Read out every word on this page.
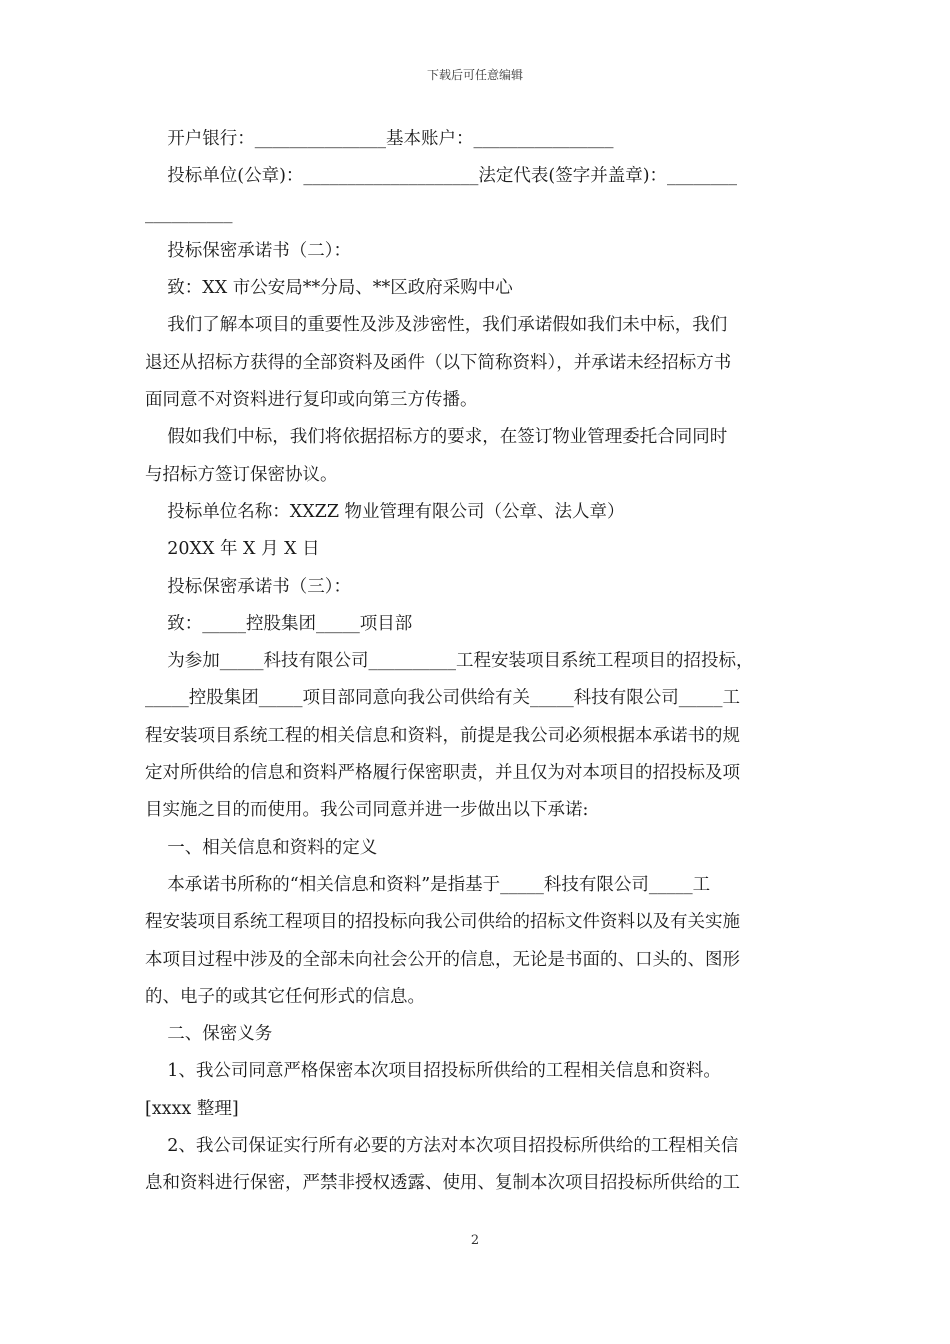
下载后可任意编辑
开户银行：_______________基本账户：________________
投标单位(公章)：____________________法定代表(签字并盖章)：________
__________
投标保密承诺书（二）：
致：XX 市公安局**分局、**区政府采购中心
我们了解本项目的重要性及涉及涉密性，我们承诺假如我们未中标，我们
退还从招标方获得的全部资料及函件（以下简称资料），并承诺未经招标方书
面同意不对资料进行复印或向第三方传播。
假如我们中标，我们将依据招标方的要求，在签订物业管理委托合同同时
与招标方签订保密协议。
投标单位名称：XXZZ 物业管理有限公司（公章、法人章）
20XX 年 X 月 X 日
投标保密承诺书（三）：
致：_____控股集团_____项目部
为参加_____科技有限公司__________工程安装项目系统工程项目的招投标，
_____控股集团_____项目部同意向我公司供给有关_____科技有限公司_____工
程安装项目系统工程的相关信息和资料，前提是我公司必须根据本承诺书的规
定对所供给的信息和资料严格履行保密职责，并且仅为对本项目的招投标及项
目实施之目的而使用。我公司同意并进一步做出以下承诺:
一、相关信息和资料的定义
本承诺书所称的“相关信息和资料”是指基于_____科技有限公司_____工
程安装项目系统工程项目的招投标向我公司供给的招标文件资料以及有关实施
本项目过程中涉及的全部未向社会公开的信息，无论是书面的、口头的、图形
的、电子的或其它任何形式的信息。
二、保密义务
1、我公司同意严格保密本次项目招投标所供给的工程相关信息和资料。
[xxxx 整理]
2、我公司保证实行所有必要的方法对本次项目招投标所供给的工程相关信
息和资料进行保密，严禁非授权透露、使用、复制本次项目招投标所供给的工
2
